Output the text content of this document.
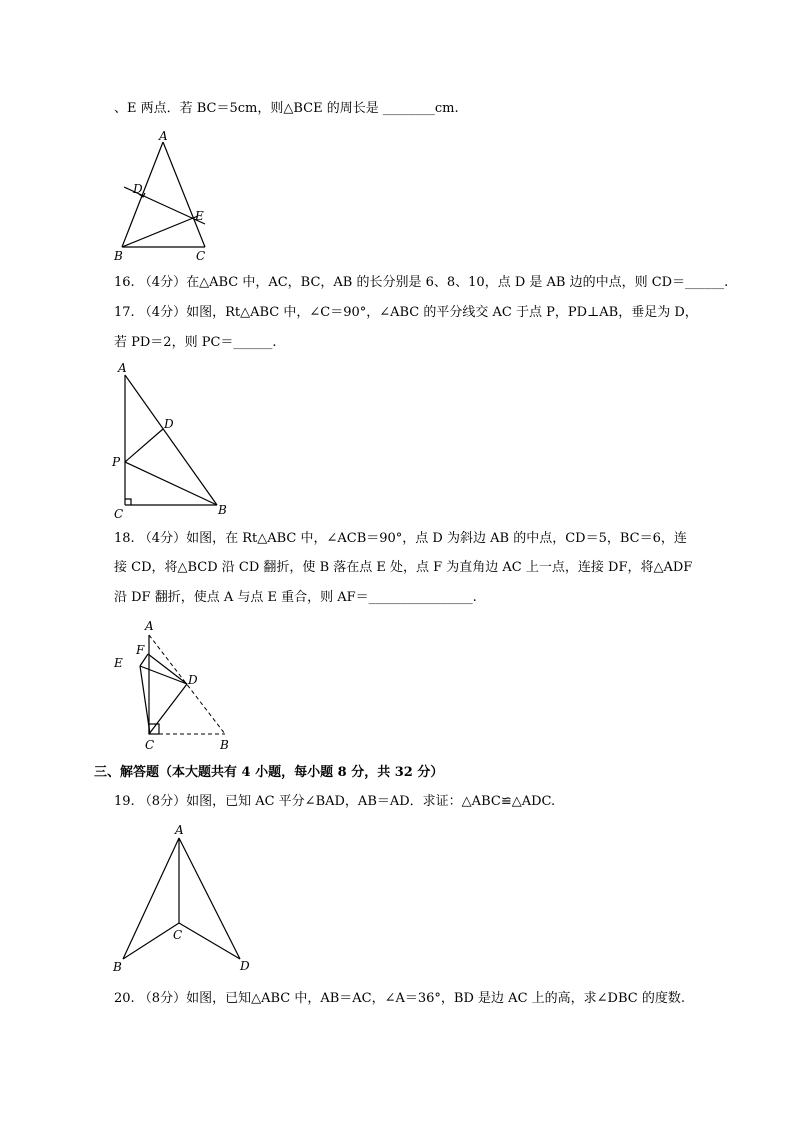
、E 两点．若 BC＝5cm，则△BCE 的周长是 ________cm.
A
B	C
D
E
16. （4分）在△ABC 中，AC，BC，AB 的长分别是 6、8、10，点 D 是 AB 边的中点，则 CD＝______.
17. （4分）如图，Rt△ABC 中，∠C＝90°，∠ABC 的平分线交 AC 于点 P，PD⊥AB，垂足为 D，
若 PD＝2，则 PC＝______.
A
B
C
D
P
18. （4分）如图，在 Rt△ABC 中，∠ACB＝90°，点 D 为斜边 AB 的中点，CD＝5，BC＝6，连
接 CD，将△BCD 沿 CD 翻折，使 B 落在点 E 处，点 F 为直角边 AC 上一点，连接 DF，将△ADF
沿 DF 翻折，使点 A 与点 E 重合，则 AF＝________________.
A
B
C
D
E
F
三、解答题（本大题共有 4 小题，每小题 8 分，共 32 分）
19. （8分）如图，已知 AC 平分∠BAD，AB＝AD．求证：△ABC≌△ADC.
A
B
C
D
20. （8分）如图，已知△ABC 中，AB＝AC，∠A＝36°，BD 是边 AC 上的高，求∠DBC 的度数.
